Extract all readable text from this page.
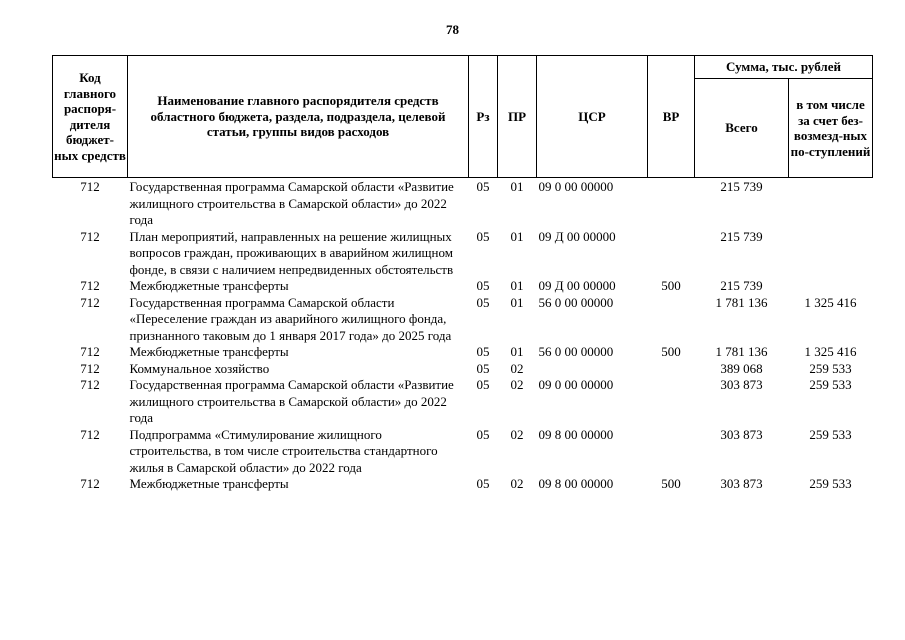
78
Код главного распоря-дителя бюджет-ных средств	Наименование главного распорядителя средств областного бюджета, раздела, подраздела, целевой статьи, группы видов расходов	Рз	ПР	ЦСР	ВР	Сумма, тыс. рублей	
						Всего	в том числе за счет без-возмезд-ных по-ступлений
712	Государственная программа Самарской области «Развитие жилищного строительства в Самарской области» до 2022 года	05	01	09 0 00 00000		215 739	
712	План мероприятий, направленных на решение жилищных вопросов граждан, проживающих в аварийном жилищном фонде, в связи с наличием непредвиденных обстоятельств	05	01	09 Д 00 00000		215 739	
712	Межбюджетные трансферты	05	01	09 Д 00 00000	500	215 739	
712	Государственная программа Самарской области «Переселение граждан из аварийного жилищного фонда, признанного таковым до 1 января 2017 года» до 2025 года	05	01	56 0 00 00000		1 781 136	1 325 416
712	Межбюджетные трансферты	05	01	56 0 00 00000	500	1 781 136	1 325 416
712	Коммунальное хозяйство	05	02			389 068	259 533
712	Государственная программа Самарской области «Развитие жилищного строительства в Самарской области» до 2022 года	05	02	09 0 00 00000		303 873	259 533
712	Подпрограмма «Стимулирование жилищного строительства, в том числе строительства стандартного жилья в Самарской области» до 2022 года	05	02	09 8 00 00000		303 873	259 533
712	Межбюджетные трансферты	05	02	09 8 00 00000	500	303 873	259 533
